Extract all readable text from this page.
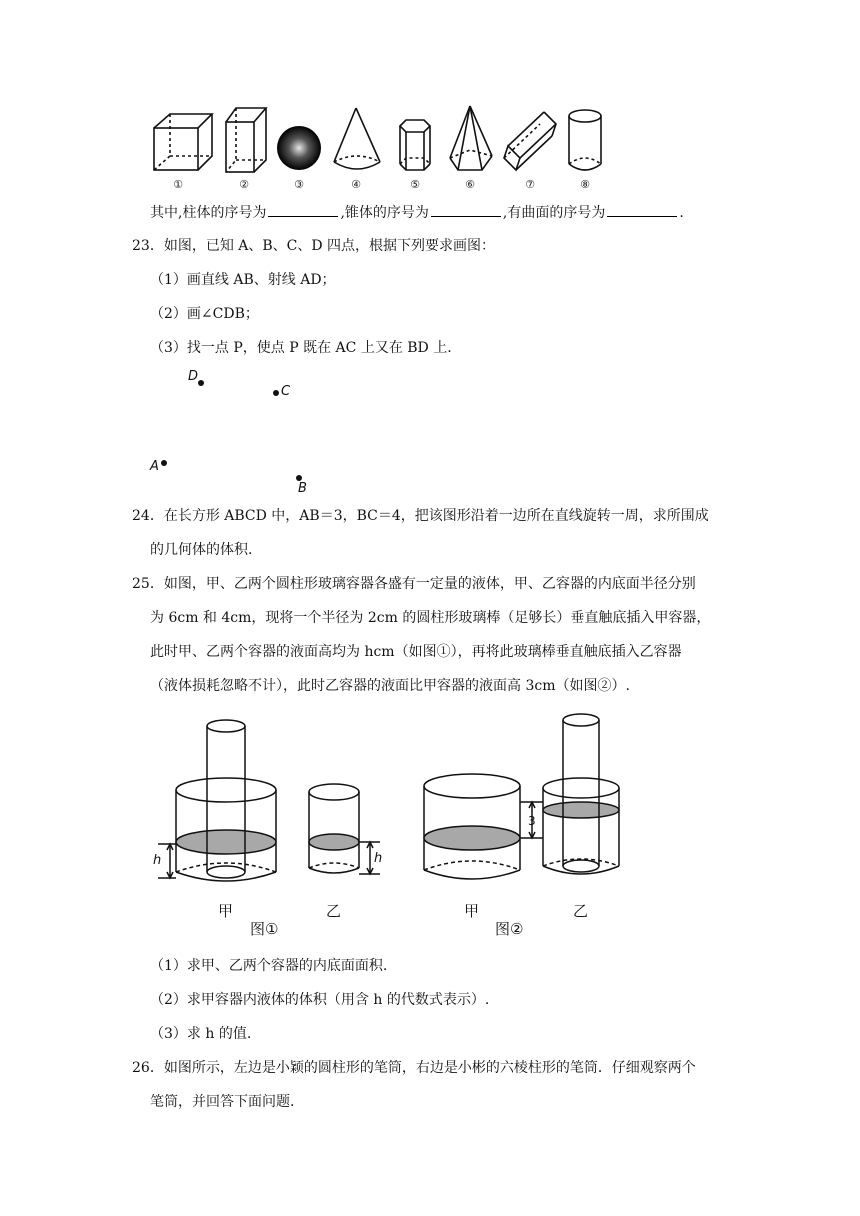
①	②	③	④	⑤	⑥	⑦	⑧
其中,柱体的序号为	,锥体的序号为	,有曲面的序号为	.
23．如图，已知 A、B、C、D 四点，根据下列要求画图：
（1）画直线 AB、射线 AD；
（2）画∠CDB；
（3）找一点 P，使点 P 既在 AC 上又在 BD 上.
D
C
A
B
24．在长方形 ABCD 中，AB＝3，BC＝4，把该图形沿着一边所在直线旋转一周，求所围成
的几何体的体积.
25．如图，甲、乙两个圆柱形玻璃容器各盛有一定量的液体，甲、乙容器的内底面半径分别
为 6cm 和 4cm，现将一个半径为 2cm 的圆柱形玻璃棒（足够长）垂直触底插入甲容器，
此时甲、乙两个容器的液面高均为 hcm（如图①），再将此玻璃棒垂直触底插入乙容器
（液体损耗忽略不计），此时乙容器的液面比甲容器的液面高 3cm（如图②）.
h	h
3
甲	乙
图①
甲	乙
图②
（1）求甲、乙两个容器的内底面面积.
（2）求甲容器内液体的体积（用含 h 的代数式表示）.
（3）求 h 的值.
26．如图所示，左边是小颖的圆柱形的笔筒，右边是小彬的六棱柱形的笔筒．仔细观察两个
笔筒，并回答下面问题.
